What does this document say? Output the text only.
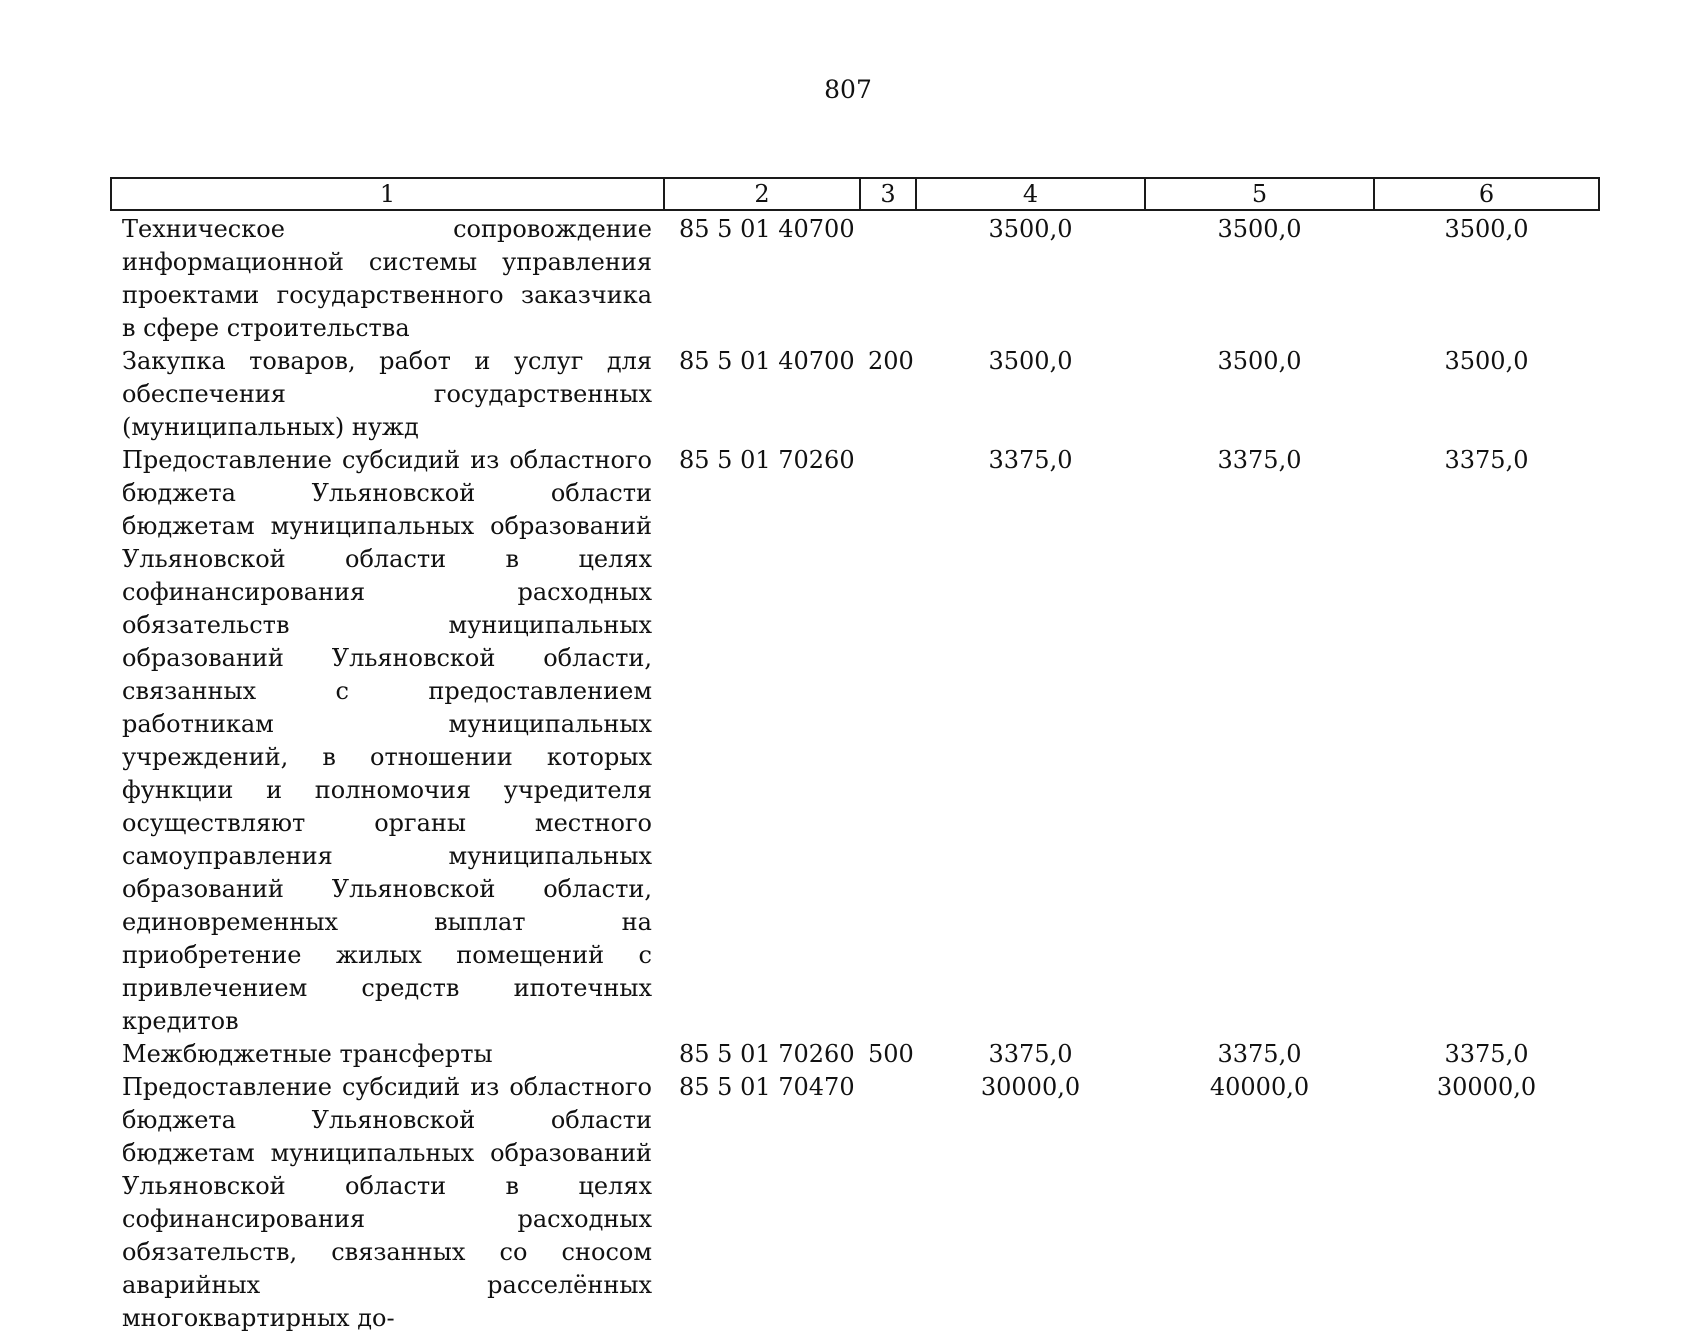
807
1	2	3	4	5	6
Техническое сопровождение информационной системы управления проектами государственного заказчика в сфере строительства	85 5 01 40700		3500,0	3500,0	3500,0
Закупка товаров, работ и услуг для обеспечения государственных (муниципальных) нужд	85 5 01 40700	200	3500,0	3500,0	3500,0
Предоставление субсидий из областного бюджета Ульяновской области бюджетам муниципальных образований Ульяновской области в целях софинансирования расходных обязательств муниципальных образований Ульяновской области, связанных с предоставлением работникам муниципальных учреждений, в отношении которых функции и полномочия учредителя осуществляют органы местного самоуправления муниципальных образований Ульяновской области, единовременных выплат на приобретение жилых помещений с привлечением средств ипотечных кредитов	85 5 01 70260		3375,0	3375,0	3375,0
Межбюджетные трансферты	85 5 01 70260	500	3375,0	3375,0	3375,0
Предоставление субсидий из областного бюджета Ульяновской области бюджетам муниципальных образований Ульяновской области в целях софинансирования расходных обязательств, связанных со сносом аварийных расселённых многоквартирных до-	85 5 01 70470		30000,0	40000,0	30000,0
